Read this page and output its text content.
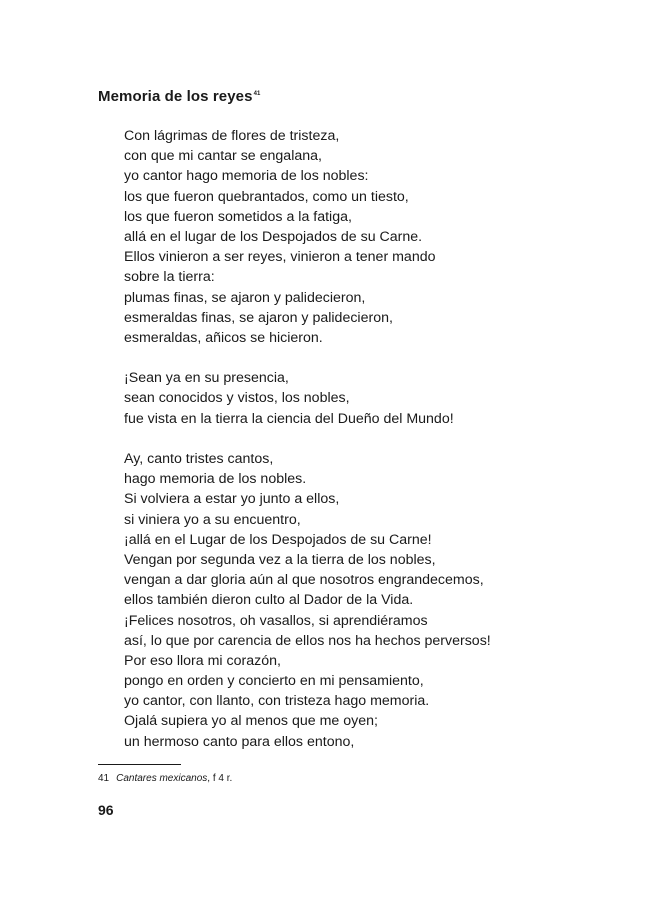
Memoria de los reyes$^{41}$
Con lágrimas de flores de tristeza,
con que mi cantar se engalana,
yo cantor hago memoria de los nobles:
los que fueron quebrantados, como un tiesto,
los que fueron sometidos a la fatiga,
allá en el lugar de los Despojados de su Carne.
Ellos vinieron a ser reyes, vinieron a tener mando
sobre la tierra:
plumas finas, se ajaron y palidecieron,
esmeraldas finas, se ajaron y palidecieron,
esmeraldas, añicos se hicieron.
¡Sean ya en su presencia,
sean conocidos y vistos, los nobles,
fue vista en la tierra la ciencia del Dueño del Mundo!
Ay, canto tristes cantos,
hago memoria de los nobles.
Si volviera a estar yo junto a ellos,
si viniera yo a su encuentro,
¡allá en el Lugar de los Despojados de su Carne!
Vengan por segunda vez a la tierra de los nobles,
vengan a dar gloria aún al que nosotros engrandecemos,
ellos también dieron culto al Dador de la Vida.
¡Felices nosotros, oh vasallos, si aprendiéramos
así, lo que por carencia de ellos nos ha hechos perversos!
Por eso llora mi corazón,
pongo en orden y concierto en mi pensamiento,
yo cantor, con llanto, con tristeza hago memoria.
Ojalá supiera yo al menos que me oyen;
un hermoso canto para ellos entono,
41 Cantares mexicanos, f 4 r.
96
